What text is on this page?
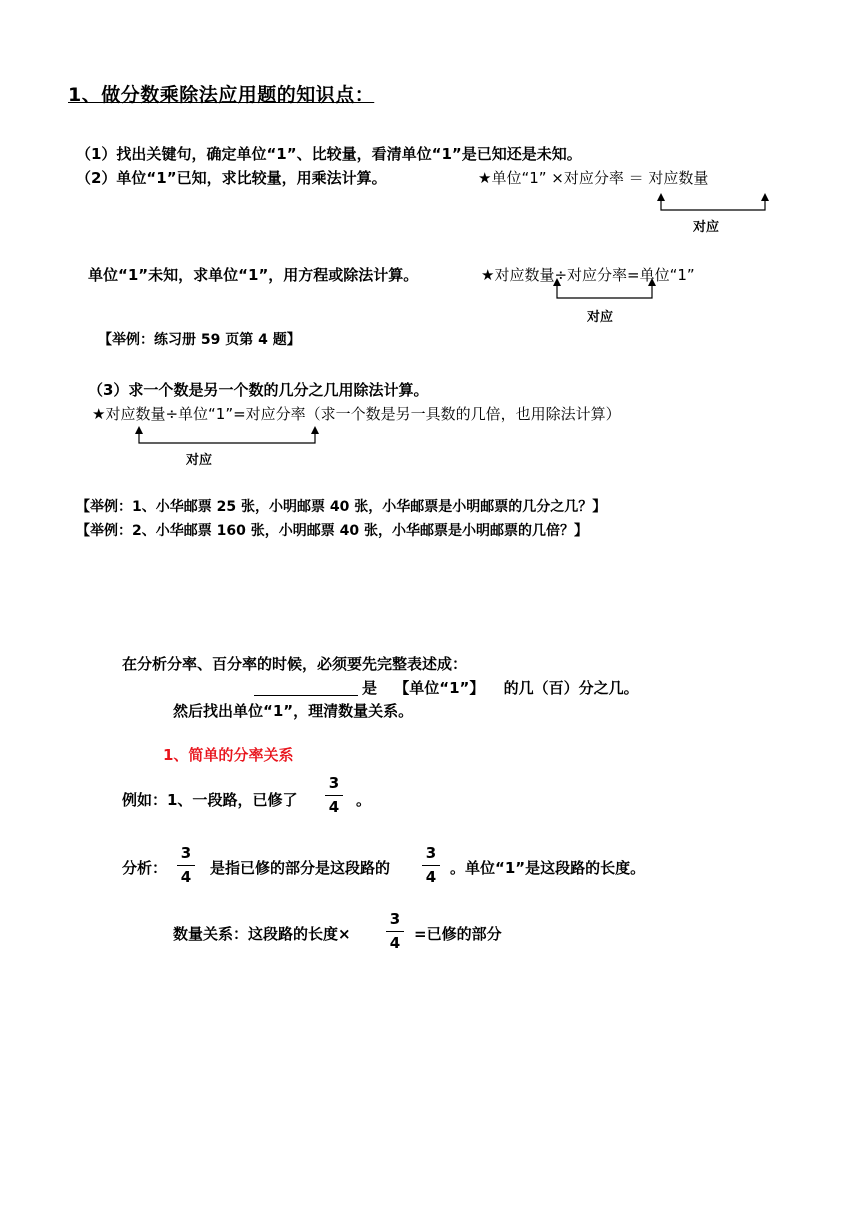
1、做分数乘除法应用题的知识点：
（1）找出关键句，确定单位“1”、比较量，看清单位“1”是已知还是未知。
（2）单位“1”已知，求比较量，用乘法计算。	★单位“1” ×对应分率 ＝ 对应数量
对应
单位“1”未知，求单位“1”，用方程或除法计算。	★对应数量÷对应分率=单位“1”
对应
【举例：练习册 59 页第 4 题】
（3）求一个数是另一个数的几分之几用除法计算。
★对应数量÷单位“1”=对应分率（求一个数是另一具数的几倍，也用除法计算）
对应
【举例：1、小华邮票 25 张，小明邮票 40 张，小华邮票是小明邮票的几分之几？】
【举例：2、小华邮票 160 张，小明邮票 40 张，小华邮票是小明邮票的几倍？】
在分析分率、百分率的时候，必须要先完整表述成：
是 【单位“1”】 的几（百）分之几。
然后找出单位“1”，理清数量关系。
1、简单的分率关系
例如：1、一段路，已修了
3
4 。
分析：
3
4 是指已修的部分是这段路的
3
4 。单位“1”是这段路的长度。
数量关系：这段路的长度×
3
4 =已修的部分
